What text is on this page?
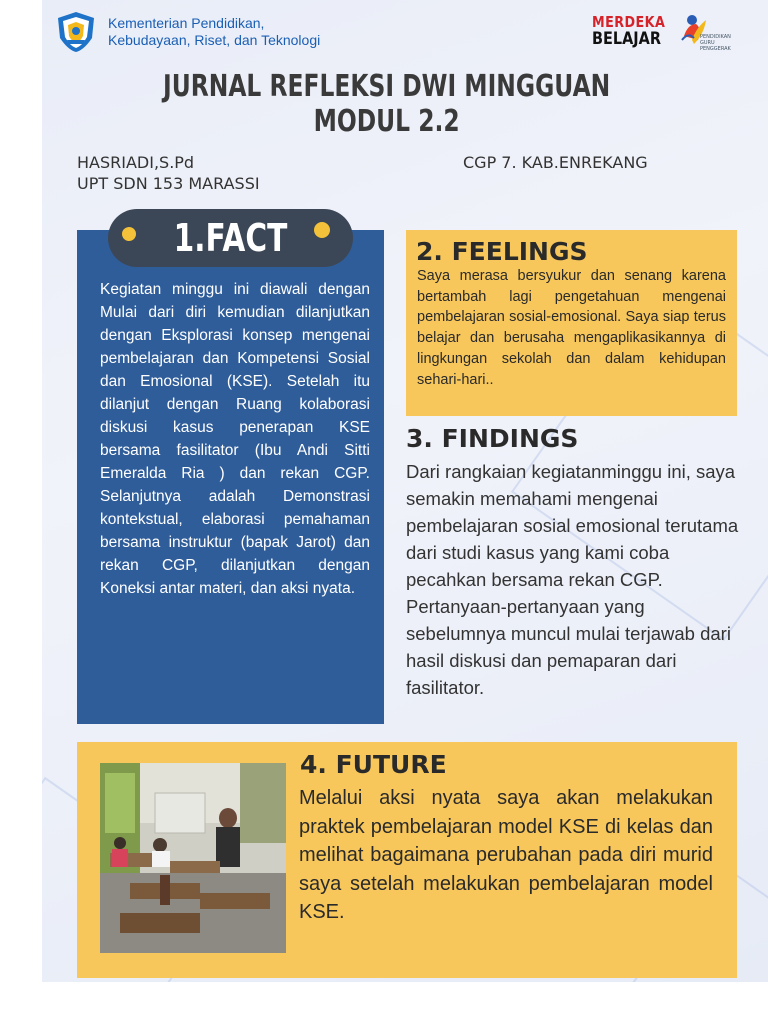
Kementerian Pendidikan,
Kebudayaan, Riset, dan Teknologi
MERDEKA
BELAJAR	PENDIDIKAN
GURU
PENGGERAK
JURNAL REFLEKSI DWI MINGGUAN
MODUL 2.2
HASRIADI,S.Pd
UPT SDN 153 MARASSI
CGP 7. KAB.ENREKANG
1.FACT
Kegiatan minggu ini diawali dengan Mulai dari diri kemudian dilanjutkan dengan Eksplorasi konsep mengenai pembelajaran dan Kompetensi Sosial dan Emosional (KSE). Setelah itu dilanjut dengan Ruang kolaborasi diskusi kasus penerapan KSE bersama fasilitator (Ibu Andi Sitti Emeralda Ria ) dan rekan CGP. Selanjutnya adalah Demonstrasi kontekstual, elaborasi pemahaman bersama instruktur (bapak Jarot) dan rekan CGP, dilanjutkan dengan Koneksi antar materi, dan aksi nyata.
2. FEELINGS
Saya merasa bersyukur dan senang karena bertambah lagi pengetahuan mengenai pembelajaran sosial-emosional. Saya siap terus belajar dan berusaha mengaplikasikannya di lingkungan sekolah dan dalam kehidupan sehari-hari..
3. FINDINGS
Dari rangkaian kegiatanminggu ini, saya semakin memahami mengenai pembelajaran sosial emosional terutama dari studi kasus yang kami coba pecahkan bersama rekan CGP. Pertanyaan-pertanyaan yang sebelumnya muncul mulai terjawab dari hasil diskusi dan pemaparan dari fasilitator.
4. FUTURE
Melalui aksi nyata saya akan melakukan praktek pembelajaran model KSE di kelas dan melihat bagaimana perubahan pada diri murid saya setelah melakukan pembelajaran model KSE.
